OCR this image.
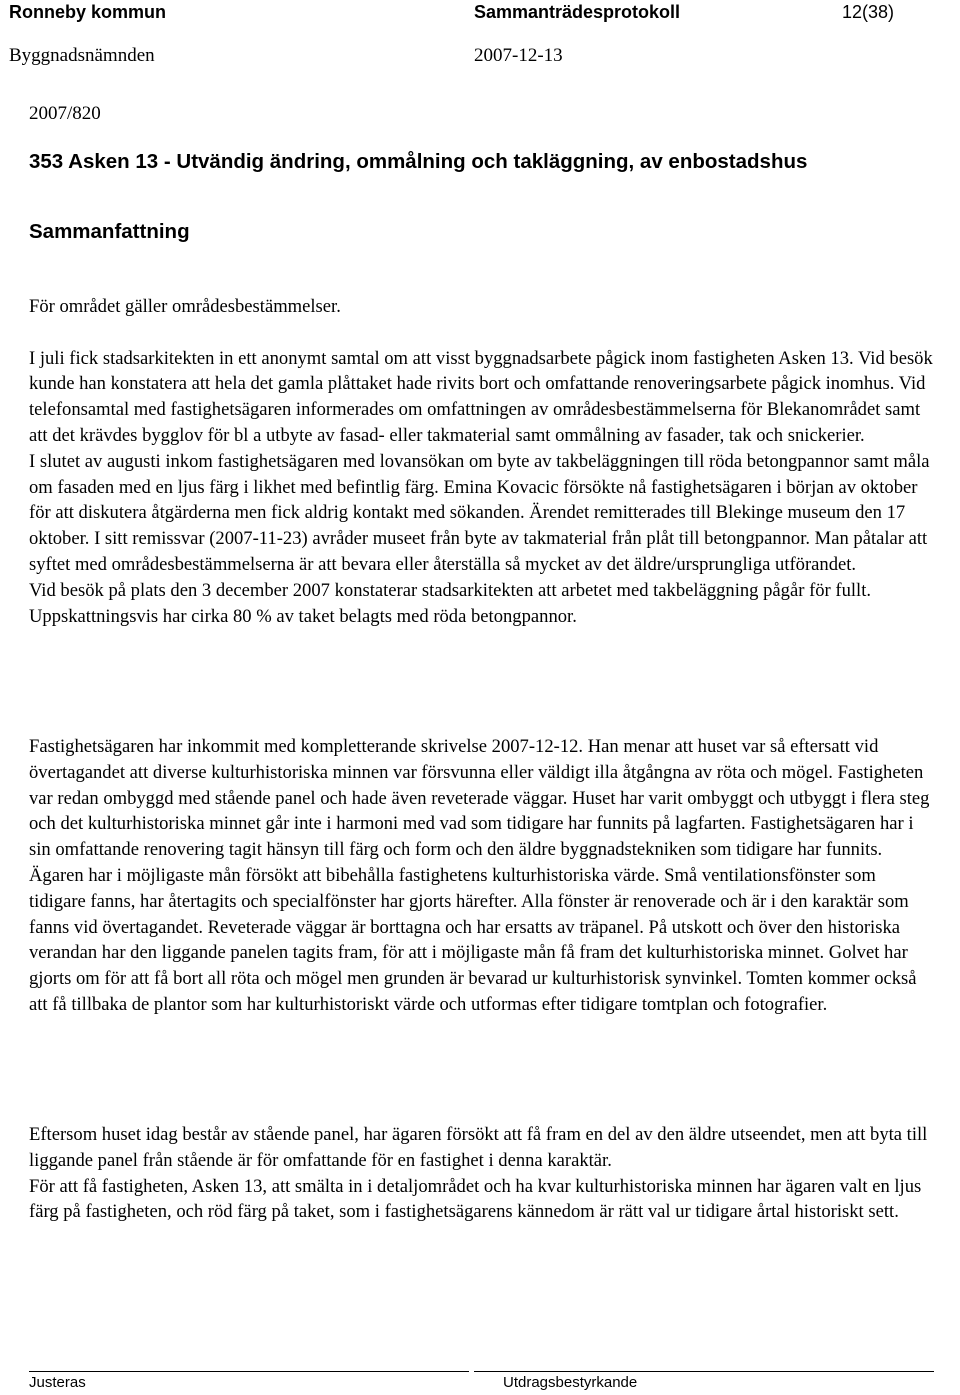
Ronneby kommun	Sammanträdesprotokoll	12(38)
Byggnadsnämnden	2007-12-13
2007/820
353 Asken 13 - Utvändig ändring, ommålning och takläggning, av enbostadshus
Sammanfattning

För området gäller områdesbestämmelser.

I juli fick stadsarkitekten in ett anonymt samtal om att visst byggnadsarbete pågick inom fastigheten Asken 13. Vid besök kunde han konstatera att hela det gamla plåttaket hade rivits bort och omfattande renoveringsarbete pågick inomhus. Vid telefonsamtal med fastighetsägaren informerades om omfattningen av områdesbestämmelserna för Blekanområdet samt att det krävdes bygglov för bl a utbyte av fasad- eller takmaterial samt ommålning av fasader, tak och snickerier.

I slutet av augusti inkom fastighetsägaren med lovansökan om byte av takbeläggningen till röda betongpannor samt måla om fasaden med en ljus färg i likhet med befintlig färg. Emina Kovacic försökte nå fastighetsägaren i början av oktober för att diskutera åtgärderna men fick aldrig kontakt med sökanden. Ärendet remitterades till Blekinge museum den 17 oktober. I sitt remissvar (2007-11-23) avråder museet från byte av takmaterial från plåt till betongpannor. Man påtalar att syftet med områdesbestämmelserna är att bevara eller återställa så mycket av det äldre/ursprungliga utförandet.

Vid besök på plats den 3 december 2007 konstaterar stadsarkitekten att arbetet med takbeläggning pågår för fullt. Uppskattningsvis har cirka 80 % av taket belagts med röda betongpannor.

Fastighetsägaren har inkommit med kompletterande skrivelse 2007-12-12. Han menar att huset var så eftersatt vid övertagandet att diverse kulturhistoriska minnen var försvunna eller väldigt illa åtgångna av röta och mögel. Fastigheten var redan ombyggd med stående panel och hade även reveterade väggar. Huset har varit ombyggt och utbyggt i flera steg och det kulturhistoriska minnet går inte i harmoni med vad som tidigare har funnits på lagfarten. Fastighetsägaren har i sin omfattande renovering tagit hänsyn till färg och form och den äldre byggnadstekniken som tidigare har funnits. Ägaren har i möjligaste mån försökt att bibehålla fastighetens kulturhistoriska värde. Små ventilationsfönster som tidigare fanns, har återtagits och specialfönster har gjorts härefter. Alla fönster är renoverade och är i den karaktär som fanns vid övertagandet. Reveterade väggar är borttagna och har ersatts av träpanel. På utskott och över den historiska verandan har den liggande panelen tagits fram, för att i möjligaste mån få fram det kulturhistoriska minnet. Golvet har gjorts om för att få bort all röta och mögel men grunden är bevarad ur kulturhistorisk synvinkel. Tomten kommer också att få tillbaka de plantor som har kulturhistoriskt värde och utformas efter tidigare tomtplan och fotografier.

Eftersom huset idag består av stående panel, har ägaren försökt att få fram en del av den äldre utseendet, men att byta till liggande panel från stående är för omfattande för en fastighet i denna karaktär.

För att få fastigheten, Asken 13, att smälta in i detaljområdet och ha kvar kulturhistoriska minnen har ägaren valt en ljus färg på fastigheten, och röd färg på taket, som i fastighetsägarens kännedom är rätt val ur tidigare årtal historiskt sett.

Justeras	Utdragsbestyrkande
